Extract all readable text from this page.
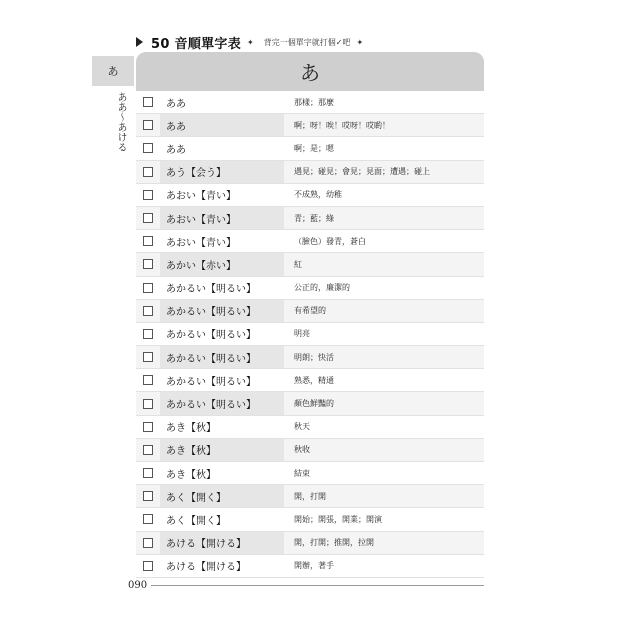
50 音順單字表 ✦ 背完一個單字就打個✓吧 ✦
あ
ああ～あける
あ
ああ	那樣；那麼
ああ	啊；呀！唉！哎呀！哎喲！
ああ	啊；是；嗯
あう【会う】	遇見；碰見；會見；見面；遭遇；碰上
あおい【青い】	不成熟，幼稚
あおい【青い】	青；藍；綠
あおい【青い】	（臉色）發青，蒼白
あかい【赤い】	紅
あかるい【明るい】	公正的，廉潔的
あかるい【明るい】	有希望的
あかるい【明るい】	明亮
あかるい【明るい】	明朗；快活
あかるい【明るい】	熟悉，精通
あかるい【明るい】	顏色鮮豔的
あき【秋】	秋天
あき【秋】	秋收
あき【秋】	結束
あく【開く】	開，打開
あく【開く】	開始；開張，開業；開演
あける【開ける】	開，打開；推開，拉開
あける【開ける】	開辦，著手
090
